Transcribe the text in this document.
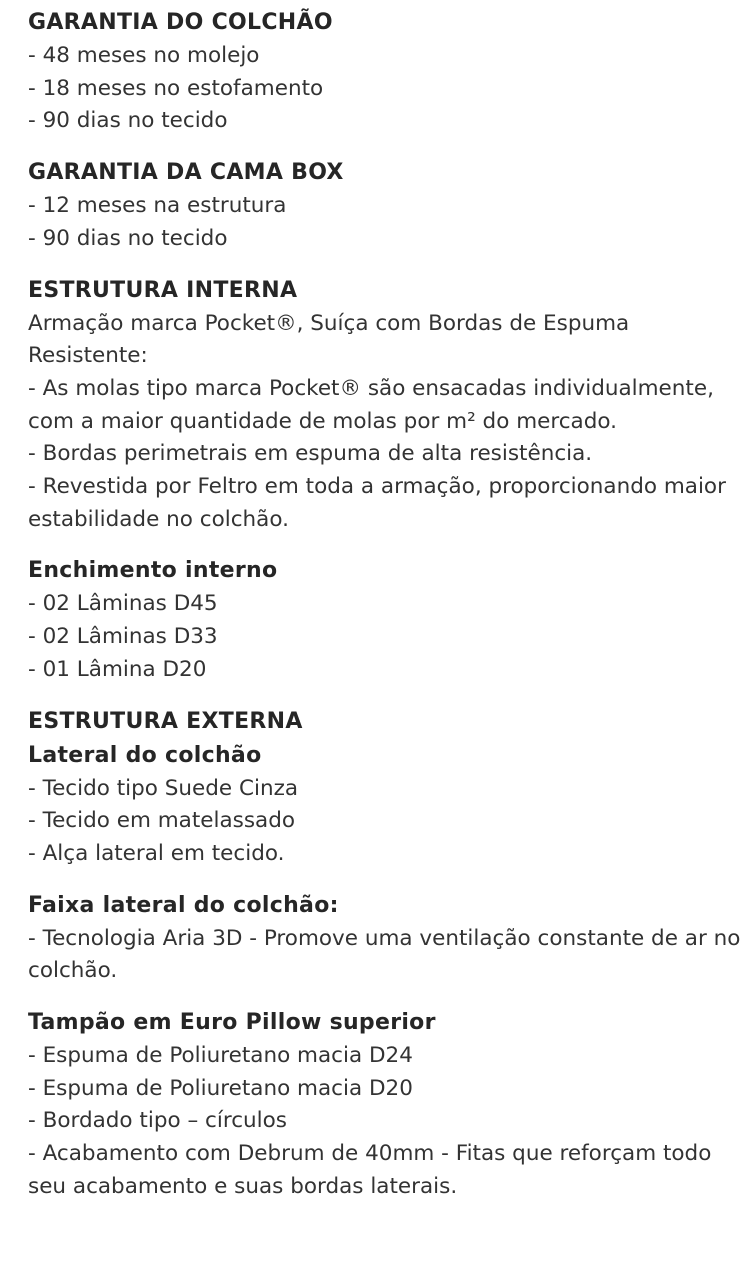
GARANTIA DO COLCHÃO

- 48 meses no molejo

- 18 meses no estofamento

- 90 dias no tecido

GARANTIA DA CAMA BOX

- 12 meses na estrutura

- 90 dias no tecido

ESTRUTURA INTERNA

Armação marca Pocket®, Suíça com Bordas de Espuma Resistente:

- As molas tipo marca Pocket® são ensacadas individualmente, com a maior quantidade de molas por m² do mercado.

- Bordas perimetrais em espuma de alta resistência.

- Revestida por Feltro em toda a armação, proporcionando maior estabilidade no colchão.

Enchimento interno

- 02 Lâminas D45

- 02 Lâminas D33

- 01 Lâmina D20

ESTRUTURA EXTERNA
Lateral do colchão

- Tecido tipo Suede Cinza

- Tecido em matelassado

- Alça lateral em tecido.

Faixa lateral do colchão:

- Tecnologia Aria 3D - Promove uma ventilação constante de ar no colchão.

Tampão em Euro Pillow superior

- Espuma de Poliuretano macia D24

- Espuma de Poliuretano macia D20

- Bordado tipo – círculos

- Acabamento com Debrum de 40mm - Fitas que reforçam todo seu acabamento e suas bordas laterais.
